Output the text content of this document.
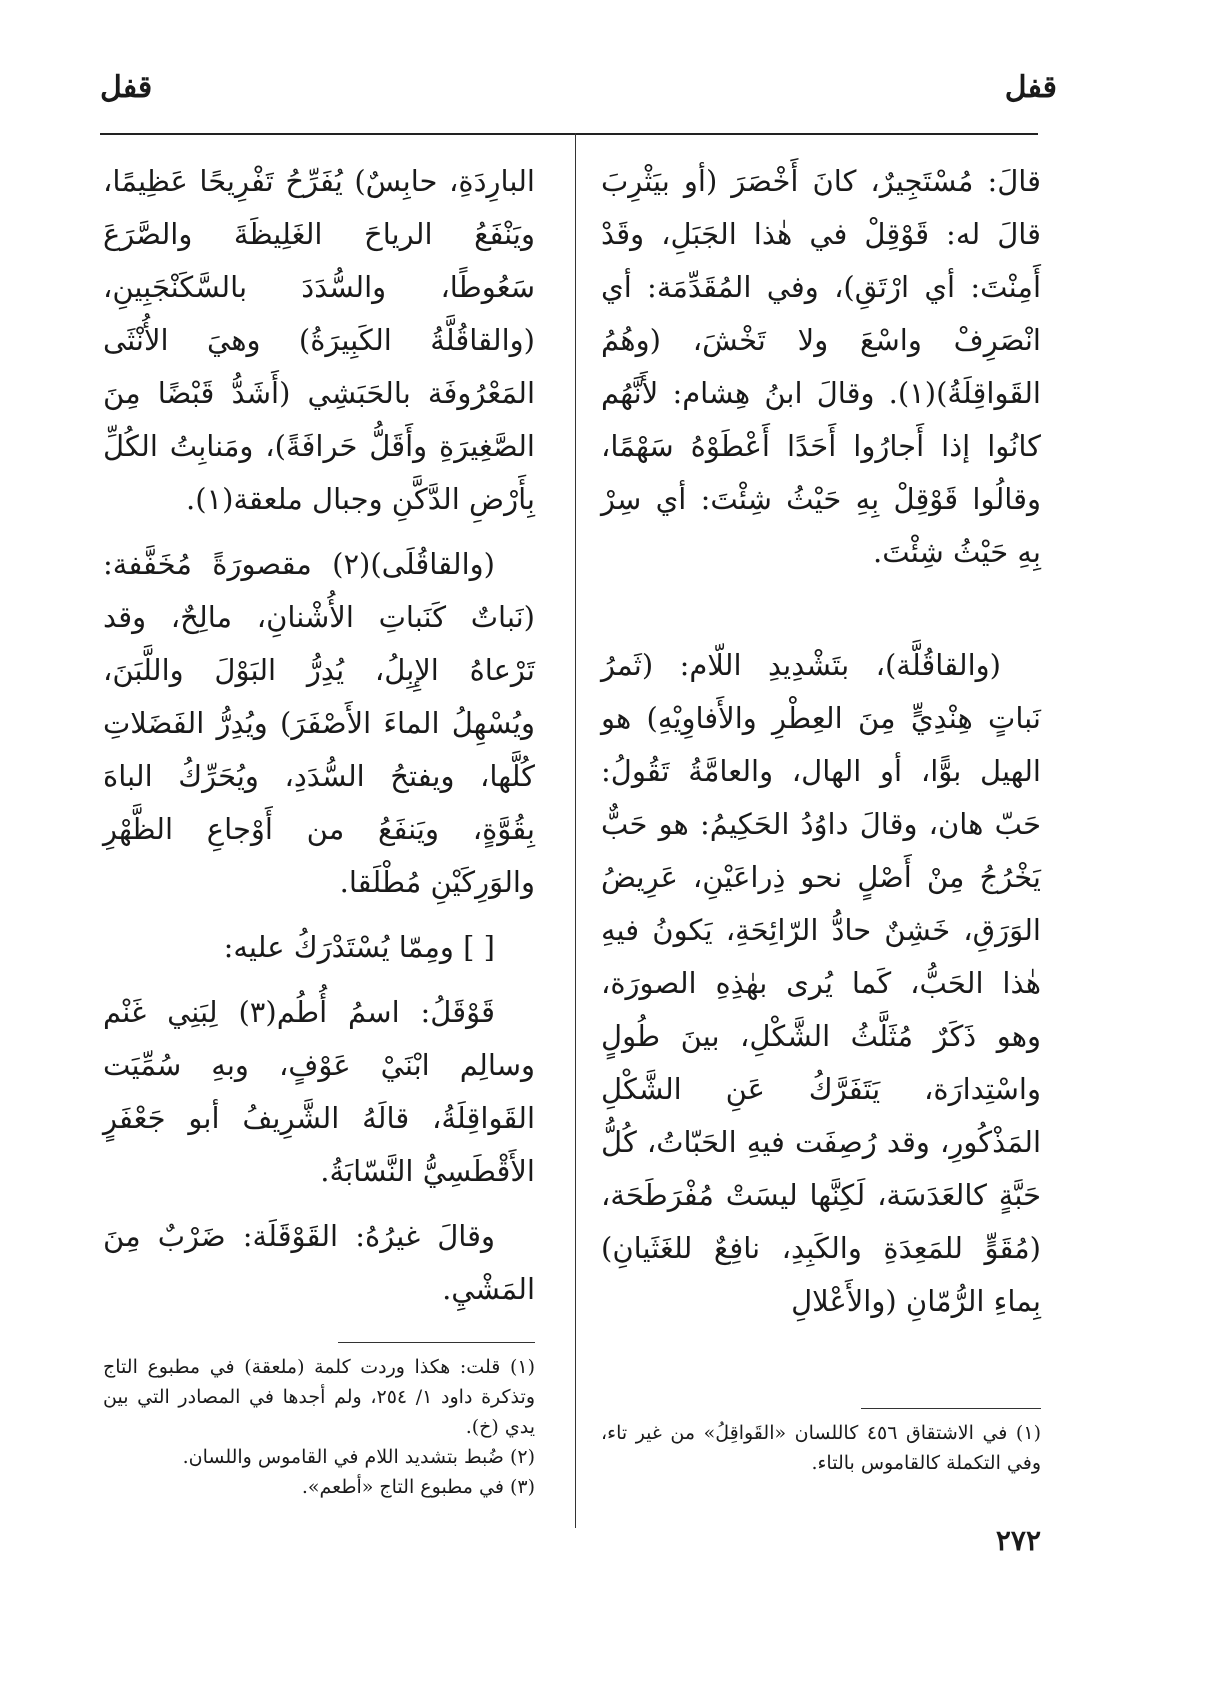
قفل
قفل

قالَ: مُسْتَجِيرٌ، كانَ أَخْصَرَ (أو بيَثْرِبَ قالَ له: قَوْقِلْ في هٰذا الجَبَلِ، وقَدْ أَمِنْتَ: أي ارْتَقِ)، وفي المُقَدِّمَة: أي انْصَرِفْ واسْعَ ولا تَخْشَ، (وهُمُ القَواقِلَةُ)(١). وقالَ ابنُ هِشام: لأَنَّهُم كانُوا إذا أَجارُوا أَحَدًا أَعْطَوْهُ سَهْمًا، وقالُوا قَوْقِلْ بِهِ حَيْثُ شِئْتَ: أي سِرْ بِهِ حَيْثُ شِئْتَ.

(والقاقُلَّة)، بتَشْدِيدِ اللّام: (ثَمرُ نَباتٍ هِنْدِيٍّ مِنَ العِطْرِ والأَفاوِيْهِ) هو الهيل بوًّا، أو الهال، والعامَّةُ تَقُولُ: حَبّ هان، وقالَ داوُدُ الحَكِيمُ: هو حَبٌّ يَخْرُجُ مِنْ أَصْلٍ نحو ذِراعَيْنِ، عَرِيضُ الوَرَقِ، خَشِنٌ حادُّ الرّائِحَةِ، يَكونُ فيهِ هٰذا الحَبُّ، كَما يُرى بهٰذِهِ الصورَة، وهو ذَكَرٌ مُثَلَّثُ الشَّكْلِ، بينَ طُولٍ واسْتِدارَة، يَتَفَرَّكُ عَنِ الشَّكْلِ المَذْكُورِ، وقد رُصِفَت فيهِ الحَبّاتُ، كُلُّ حَبَّةٍ كالعَدَسَة، لَكِنَّها ليسَتْ مُفْرَطَحَة، (مُقَوٍّ للمَعِدَةِ والكَبِدِ، نافِعٌ للغَثَيانِ) بِماءِ الرُّمّانِ (والأَعْلالِ

(١) في الاشتقاق ٤٥٦ كاللسان «القَواقِلُ» من غير تاء، وفي التكملة كالقاموس بالتاء.

البارِدَةِ، حابِسٌ) يُفَرِّحُ تَفْرِيحًا عَظِيمًا، ويَنْفَعُ الرياحَ الغَلِيظَةَ والصَّرَعَ سَعُوطًا، والسُّدَدَ بالسَّكَنْجَبِينِ، (والقاقُلَّةُ الكَبِيرَةُ) وهيَ الأُنْثَى المَعْرُوفَة بالحَبَشِي (أَشَدُّ قَبْضًا مِنَ الصَّغِيرَةِ وأَقَلُّ حَرافَةً)، ومَنابِتُ الكُلِّ بِأَرْضِ الدَّكَّنِ وجبال ملعقة(١).

(والقاقُلَى)(٢) مقصورَةً مُخَفَّفة: (نَباتٌ كَنَباتِ الأُشْنانِ، مالِحٌ، وقد تَرْعاهُ الإِبِلُ، يُدِرُّ البَوْلَ واللَّبَنَ، ويُسْهِلُ الماءَ الأَصْفَرَ) ويُدِرُّ الفَضَلاتِ كُلَّها، ويفتحُ السُّدَدِ، ويُحَرِّكُ الباهَ بِقُوَّةٍ، ويَنفَعُ من أَوْجاعِ الظَّهْرِ والوَرِكَيْنِ مُطْلَقا.

[ ] ومِمّا يُسْتَدْرَكُ عليه:

قَوْقَلُ: اسمُ أُطُم(٣) لِبَنِي غَنْم وسالِم ابْنَيْ عَوْفٍ، وبهِ سُمِّيَت القَواقِلَةُ، قالَهُ الشَّرِيفُ أبو جَعْفَرٍ الأَقْطَسِيُّ النَّسّابَةُ.

وقالَ غيرُهُ: القَوْقَلَة: ضَرْبٌ مِنَ المَشْيِ.

(١) قلت: هكذا وردت كلمة (ملعقة) في مطبوع التاج وتذكرة داود ١/ ٢٥٤، ولم أجدها في المصادر التي بين يدي (خ).

(٢) ضُبط بتشديد اللام في القاموس واللسان.

(٣) في مطبوع التاج «أطعم».

٢٧٢
